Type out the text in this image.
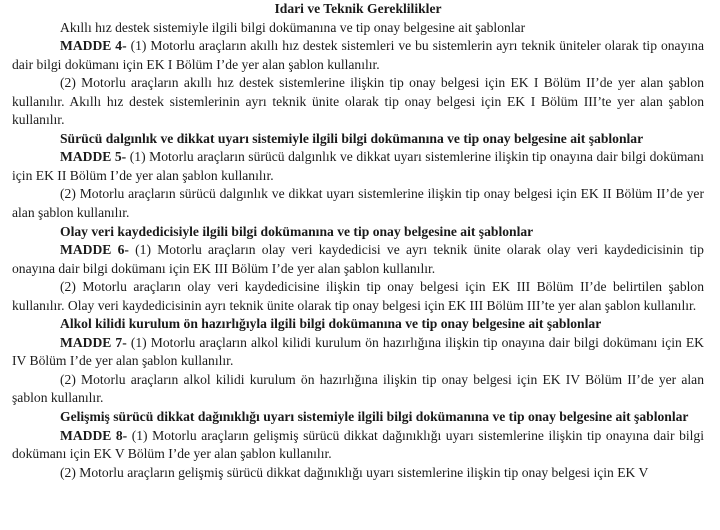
Idari ve Teknik Gereklilikler

Akıllı hız destek sistemiyle ilgili bilgi dokümanına ve tip onay belgesine ait şablonlar

MADDE 4- (1) Motorlu araçların akıllı hız destek sistemleri ve bu sistemlerin ayrı teknik üniteler olarak tip onayına dair bilgi dokümanı için EK I Bölüm I’de yer alan şablon kullanılır.

(2) Motorlu araçların akıllı hız destek sistemlerine ilişkin tip onay belgesi için EK I Bölüm II’de yer alan şablon kullanılır. Akıllı hız destek sistemlerinin ayrı teknik ünite olarak tip onay belgesi için EK I Bölüm III’te yer alan şablon kullanılır.

Sürücü dalgınlık ve dikkat uyarı sistemiyle ilgili bilgi dokümanına ve tip onay belgesine ait şablonlar

MADDE 5- (1) Motorlu araçların sürücü dalgınlık ve dikkat uyarı sistemlerine ilişkin tip onayına dair bilgi dokümanı için EK II Bölüm I’de yer alan şablon kullanılır.

(2) Motorlu araçların sürücü dalgınlık ve dikkat uyarı sistemlerine ilişkin tip onay belgesi için EK II Bölüm II’de yer alan şablon kullanılır.

Olay veri kaydedicisiyle ilgili bilgi dokümanına ve tip onay belgesine ait şablonlar

MADDE 6- (1) Motorlu araçların olay veri kaydedicisi ve ayrı teknik ünite olarak olay veri kaydedicisinin tip onayına dair bilgi dokümanı için EK III Bölüm I’de yer alan şablon kullanılır.

(2) Motorlu araçların olay veri kaydedicisine ilişkin tip onay belgesi için EK III Bölüm II’de belirtilen şablon kullanılır. Olay veri kaydedicisinin ayrı teknik ünite olarak tip onay belgesi için EK III Bölüm III’te yer alan şablon kullanılır.

Alkol kilidi kurulum ön hazırlığıyla ilgili bilgi dokümanına ve tip onay belgesine ait şablonlar

MADDE 7- (1) Motorlu araçların alkol kilidi kurulum ön hazırlığına ilişkin tip onayına dair bilgi dokümanı için EK IV Bölüm I’de yer alan şablon kullanılır.

(2) Motorlu araçların alkol kilidi kurulum ön hazırlığına ilişkin tip onay belgesi için EK IV Bölüm II’de yer alan şablon kullanılır.

Gelişmiş sürücü dikkat dağınıklığı uyarı sistemiyle ilgili bilgi dokümanına ve tip onay belgesine ait şablonlar

MADDE 8- (1) Motorlu araçların gelişmiş sürücü dikkat dağınıklığı uyarı sistemlerine ilişkin tip onayına dair bilgi dokümanı için EK V Bölüm I’de yer alan şablon kullanılır.

(2) Motorlu araçların gelişmiş sürücü dikkat dağınıklığı uyarı sistemlerine ilişkin tip onay belgesi için EK V
